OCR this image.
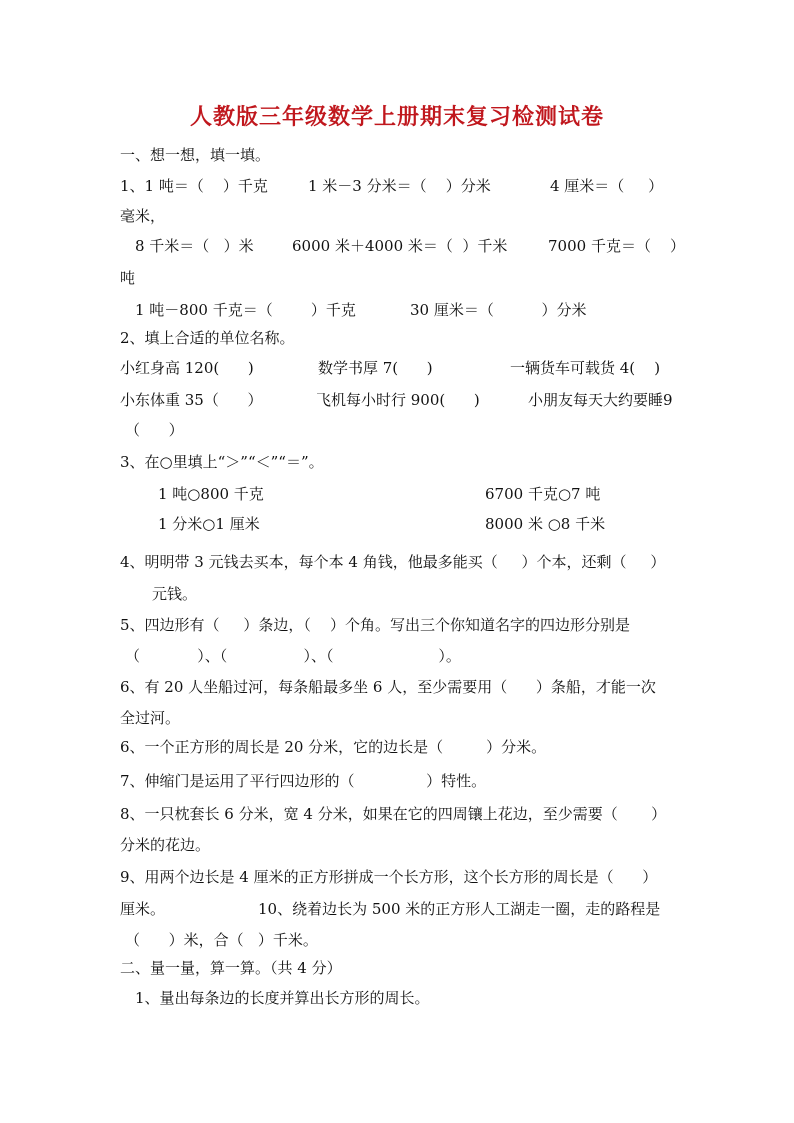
人教版三年级数学上册期末复习检测试卷
一、想一想，填一填。
1、1 吨＝（    ）千克	1 米－3 分米＝（    ）分米	4 厘米＝（     ）
毫米，
8 千米＝（   ）米	6000 米＋4000 米＝（  ）千米	7000 千克＝（    ）
吨
1 吨－800 千克＝（        ）千克	30 厘米＝（          ）分米
2、填上合适的单位名称。
小红身高 120(      )	数学书厚 7(      )	一辆货车可载货 4(    )
小东体重 35（      ）	飞机每小时行 900(      )	小朋友每天大约要睡9
（      ）
3、在○里填上“＞”“＜”“＝”。
1 吨○800 千克	6700 千克○7 吨
1 分米○1 厘米	8000 米 ○8 千米
4、明明带 3 元钱去买本，每个本 4 角钱，他最多能买（     ）个本，还剩（     ）
元钱。
5、四边形有（     ）条边，（    ）个角。写出三个你知道名字的四边形分别是
（            ）、（                ）、（                      ）。
6、有 20 人坐船过河，每条船最多坐 6 人，至少需要用（      ）条船，才能一次
全过河。
6、一个正方形的周长是 20 分米，它的边长是（         ）分米。
7、伸缩门是运用了平行四边形的（               ）特性。
8、一只枕套长 6 分米，宽 4 分米，如果在它的四周镶上花边，至少需要（       ）
分米的花边。
9、用两个边长是 4 厘米的正方形拼成一个长方形，这个长方形的周长是（      ）
厘米。	10、绕着边长为 500 米的正方形人工湖走一圈，走的路程是
（      ）米，合（   ）千米。
二、量一量，算一算。（共 4 分）
1、量出每条边的长度并算出长方形的周长。
